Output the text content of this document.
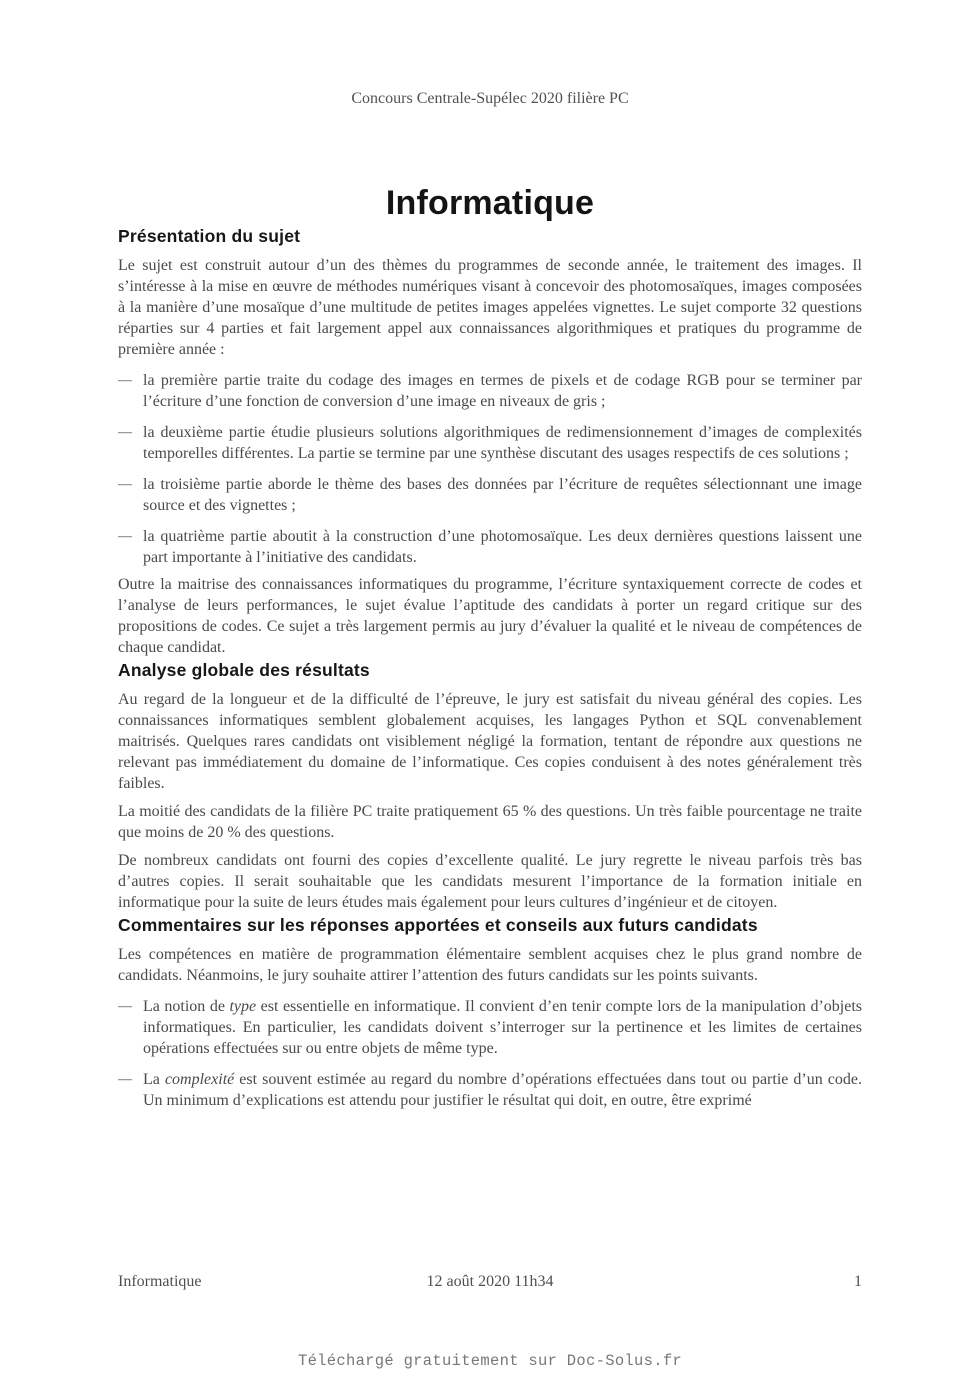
Concours Centrale-Supélec 2020 filière PC
Informatique
Présentation du sujet

Le sujet est construit autour d’un des thèmes du programmes de seconde année, le traitement des images. Il s’intéresse à la mise en œuvre de méthodes numériques visant à concevoir des photomosaïques, images composées à la manière d’une mosaïque d’une multitude de petites images appelées vignettes. Le sujet comporte 32 questions réparties sur 4 parties et fait largement appel aux connaissances algorithmiques et pratiques du programme de première année :

— la première partie traite du codage des images en termes de pixels et de codage RGB pour se terminer par l’écriture d’une fonction de conversion d’une image en niveaux de gris ;
— la deuxième partie étudie plusieurs solutions algorithmiques de redimensionnement d’images de complexités temporelles différentes. La partie se termine par une synthèse discutant des usages respectifs de ces solutions ;
— la troisième partie aborde le thème des bases des données par l’écriture de requêtes sélectionnant une image source et des vignettes ;
— la quatrième partie aboutit à la construction d’une photomosaïque. Les deux dernières questions laissent une part importante à l’initiative des candidats.

Outre la maitrise des connaissances informatiques du programme, l’écriture syntaxiquement correcte de codes et l’analyse de leurs performances, le sujet évalue l’aptitude des candidats à porter un regard critique sur des propositions de codes. Ce sujet a très largement permis au jury d’évaluer la qualité et le niveau de compétences de chaque candidat.

Analyse globale des résultats

Au regard de la longueur et de la difficulté de l’épreuve, le jury est satisfait du niveau général des copies. Les connaissances informatiques semblent globalement acquises, les langages Python et SQL convenablement maitrisés. Quelques rares candidats ont visiblement négligé la formation, tentant de répondre aux questions ne relevant pas immédiatement du domaine de l’informatique. Ces copies conduisent à des notes généralement très faibles.

La moitié des candidats de la filière PC traite pratiquement 65 % des questions. Un très faible pourcentage ne traite que moins de 20 % des questions.

De nombreux candidats ont fourni des copies d’excellente qualité. Le jury regrette le niveau parfois très bas d’autres copies. Il serait souhaitable que les candidats mesurent l’importance de la formation initiale en informatique pour la suite de leurs études mais également pour leurs cultures d’ingénieur et de citoyen.

Commentaires sur les réponses apportées et conseils aux futurs candidats

Les compétences en matière de programmation élémentaire semblent acquises chez le plus grand nombre de candidats. Néanmoins, le jury souhaite attirer l’attention des futurs candidats sur les points suivants.

— La notion de type est essentielle en informatique. Il convient d’en tenir compte lors de la manipulation d’objets informatiques. En particulier, les candidats doivent s’interroger sur la pertinence et les limites de certaines opérations effectuées sur ou entre objets de même type.
— La complexité est souvent estimée au regard du nombre d’opérations effectuées dans tout ou partie d’un code. Un minimum d’explications est attendu pour justifier le résultat qui doit, en outre, être exprimé
Informatique	12 août 2020 11h34	1
Téléchargé gratuitement sur Doc-Solus.fr
